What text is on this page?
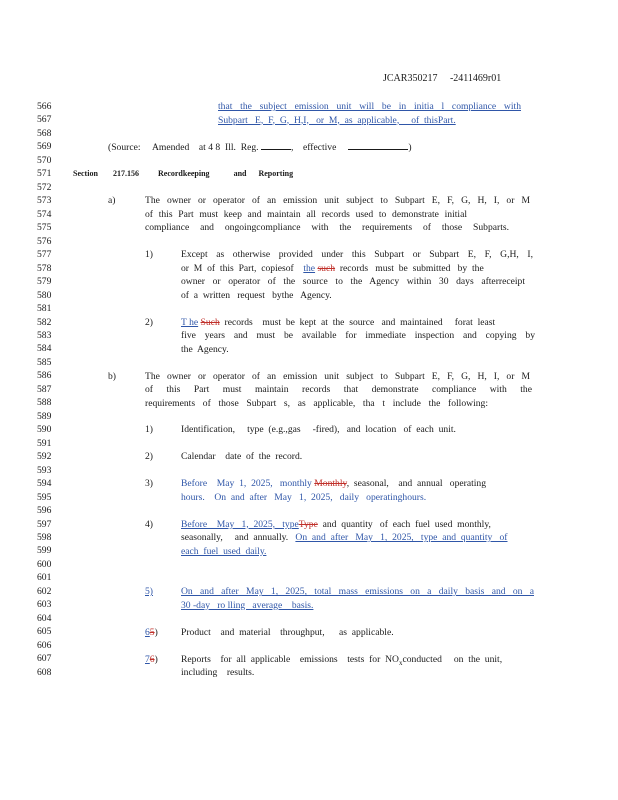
JCAR350217 -2411469r01
566
567
568
569
570
571
572
573
574
575
576
577
578
579
580
581
582
583
584
585
586
587
588
589
590
591
592
593
594
595
596
597
598
599
600
601
602
603
604
605
606
607
608
that the subject emission unit will be in initia l compliance with
Subpart   E,  F,  G,  H,I,   or  M,  as  applicable,     of  thisPart.
(Source: Amended at 4 8  Ill.  Reg.	, effective	)
Section 217.156 Recordkeeping	and Reporting
a)	The owner or operator of an emission unit subject to Subpart E, F, G, H, I, or M
of this Part must keep and maintain all records used to demonstrate initial
compliance and ongoingcompliance with the requirements of those Subparts.
1)	Except as otherwise provided under this Subpart or Subpart E, F, G,H, I,
or  M  of  this  Part,  copiesof the such records   must  be  submitted   by  the
owner or operator of the source to the Agency within 30 days afterreceipt
of  a  written   request   bythe   Agency.
2)	T he Such records    must  be  kept  at  the  source   and  maintained     forat  least
five years and must be available for immediate inspection and copying by
the  Agency.
b)	The owner or operator of an emission unit subject to Subpart E, F, G, H, I, or M
of this Part must maintain records that demonstrate compliance with the
requirements of those Subpart s, as applicable, tha t include the following:
1)	Identification,     type  (e.g.,gas     -fired),   and  location   of  each  unit.
2)	Calendar    date  of  the  record.
3)	Before    May  1,  2025,   monthly Monthly,  seasonal,    and  annual   operating
hours. On  and  after   May   1,  2025,   daily   operatinghours.
4)	Before    May   1,  2025,   typeType and  quantity   of  each  fuel  used  monthly,
seasonally,     and  annually. On  and  after   May   1,  2025,   type  and  quantity   of
each  fuel  used  daily.
5)	On and after May 1, 2025, total mass emissions on a daily basis and on a
30 -day   ro lling   average    basis.
65) Product    and  material    throughput,      as  applicable.
76) Reports    for  all  applicable    emissions    tests  for  $NO_xconducted$     on  the  unit,
including    results.
